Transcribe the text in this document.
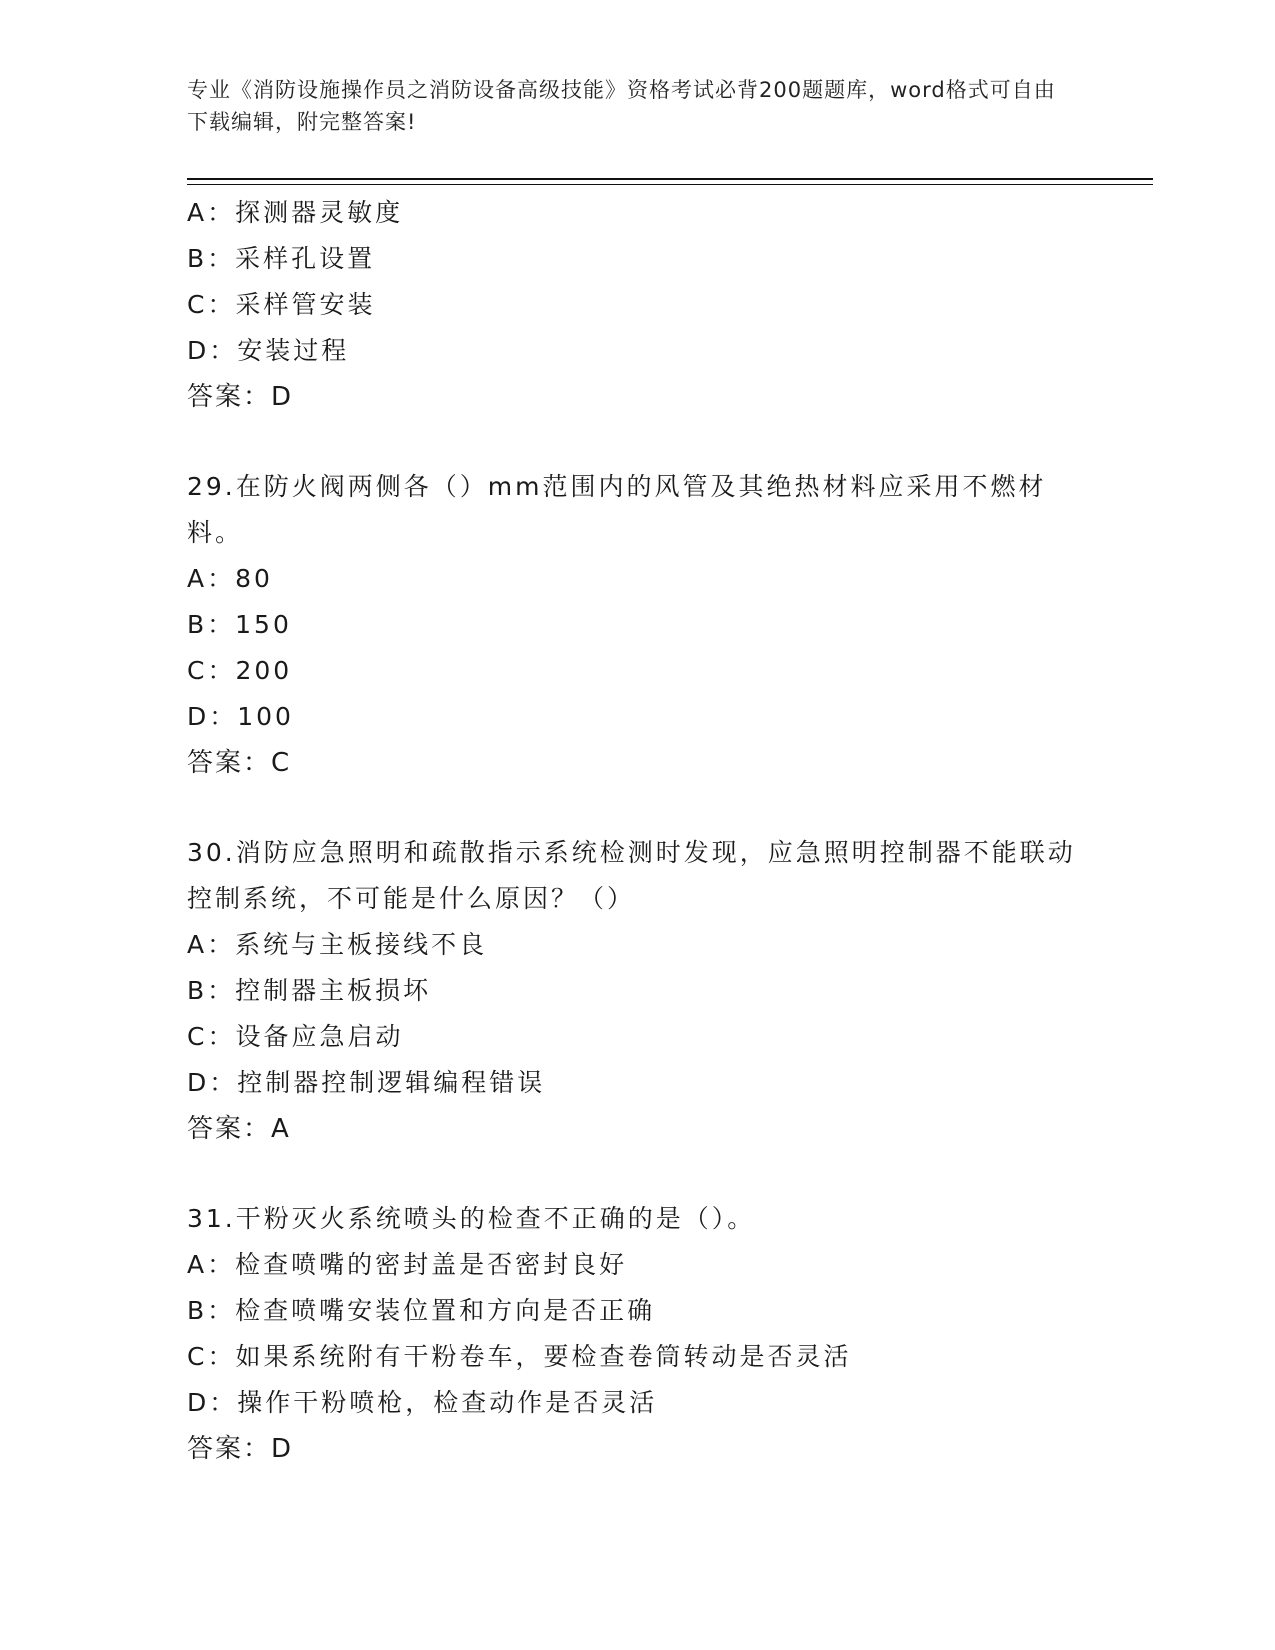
专业《消防设施操作员之消防设备高级技能》资格考试必背200题题库，word格式可自由下载编辑，附完整答案!
A：探测器灵敏度
B：采样孔设置
C：采样管安装
D：安装过程
答案：D
29.在防火阀两侧各（）mm范围内的风管及其绝热材料应采用不燃材料。
A：80
B：150
C：200
D：100
答案：C
30.消防应急照明和疏散指示系统检测时发现，应急照明控制器不能联动控制系统，不可能是什么原因？（）
A：系统与主板接线不良
B：控制器主板损坏
C：设备应急启动
D：控制器控制逻辑编程错误
答案：A
31.干粉灭火系统喷头的检查不正确的是（）。
A：检查喷嘴的密封盖是否密封良好
B：检查喷嘴安装位置和方向是否正确
C：如果系统附有干粉卷车，要检查卷筒转动是否灵活
D：操作干粉喷枪，检查动作是否灵活
答案：D
